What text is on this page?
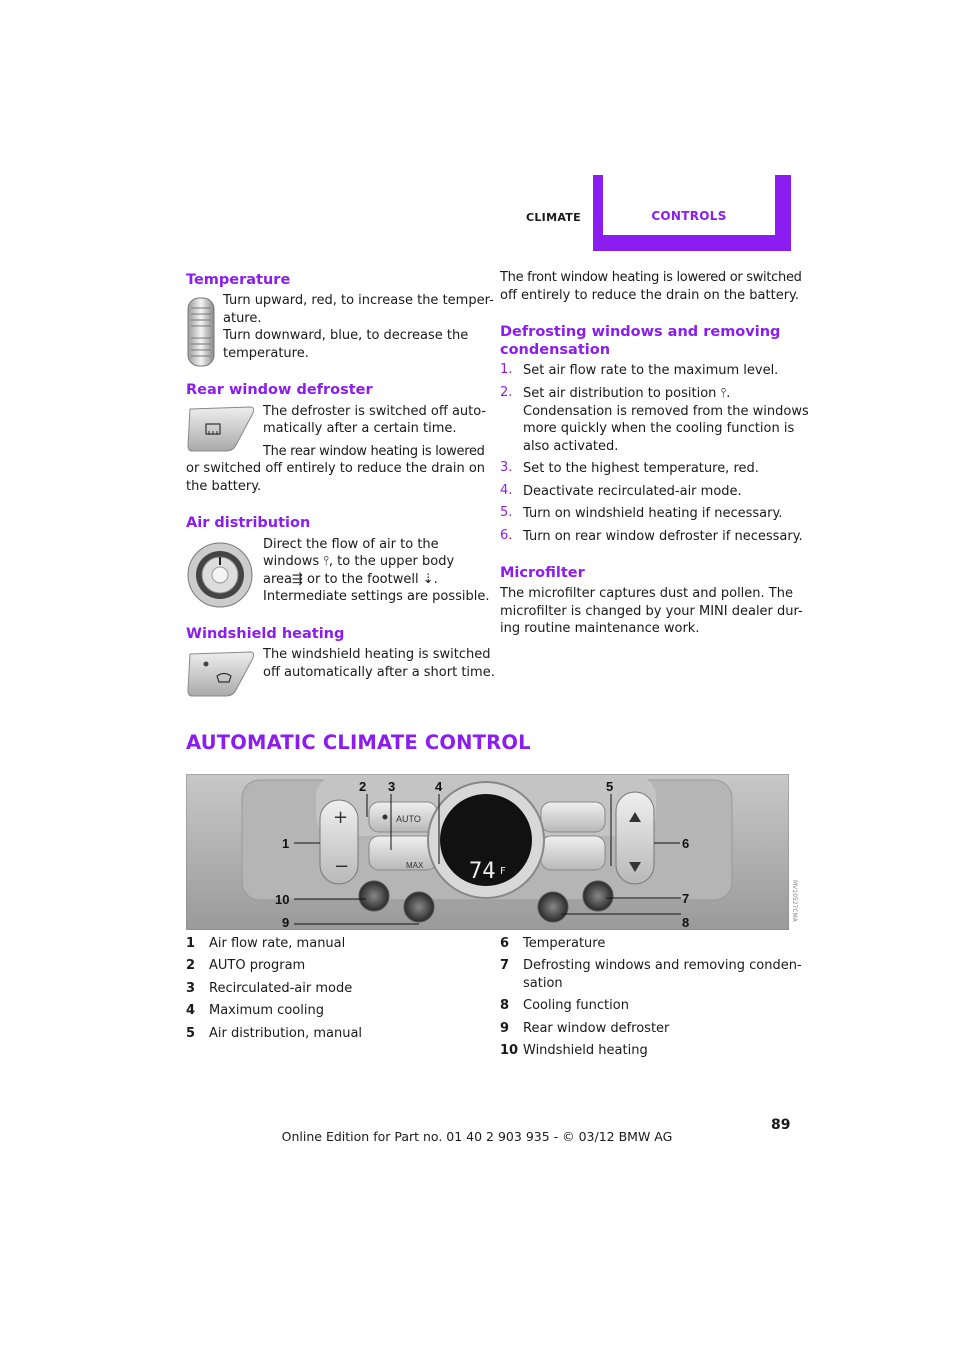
CLIMATE	CONTROLS
Temperature

Turn upward, red, to increase the temper-

ature.

Turn downward, blue, to decrease the

temperature.

Rear window defroster

The defroster is switched off auto-

matically after a certain time.

The rear window heating is lowered

or switched off entirely to reduce the drain on

the battery.

Air distribution

Direct the flow of air to the

windows ⫯, to the upper body
area⇶ or to the footwell ⇣.

Intermediate settings are possible.

Windshield heating

The windshield heating is switched

off automatically after a short time.

The front window heating is lowered or switched

off entirely to reduce the drain on the battery.

Defrosting windows and removing
condensation
1. Set air flow rate to the maximum level.

2. Set air distribution to position ⫯.

Condensation is removed from the windows

more quickly when the cooling function is

also activated.

3. Set to the highest temperature, red.

4. Deactivate recirculated-air mode.

5. Turn on windshield heating if necessary.

6. Turn on rear window defroster if necessary.

Microfilter

The microfilter captures dust and pollen. The

microfilter is changed by your MINI dealer dur-

ing routine maintenance work.

AUTOMATIC CLIMATE CONTROL
+
−
AUTO
MAX 74 F
1
2 3	4	5
6
7
8
9
10	MV10527CMA
1 Air flow rate, manual
2 AUTO program
3 Recirculated-air mode
4 Maximum cooling
5 Air distribution, manual
6 Temperature
7 Defrosting windows and removing conden-
sation
8 Cooling function
9 Rear window defroster
10 Windshield heating
89
Online Edition for Part no. 01 40 2 903 935 - © 03/12 BMW AG
